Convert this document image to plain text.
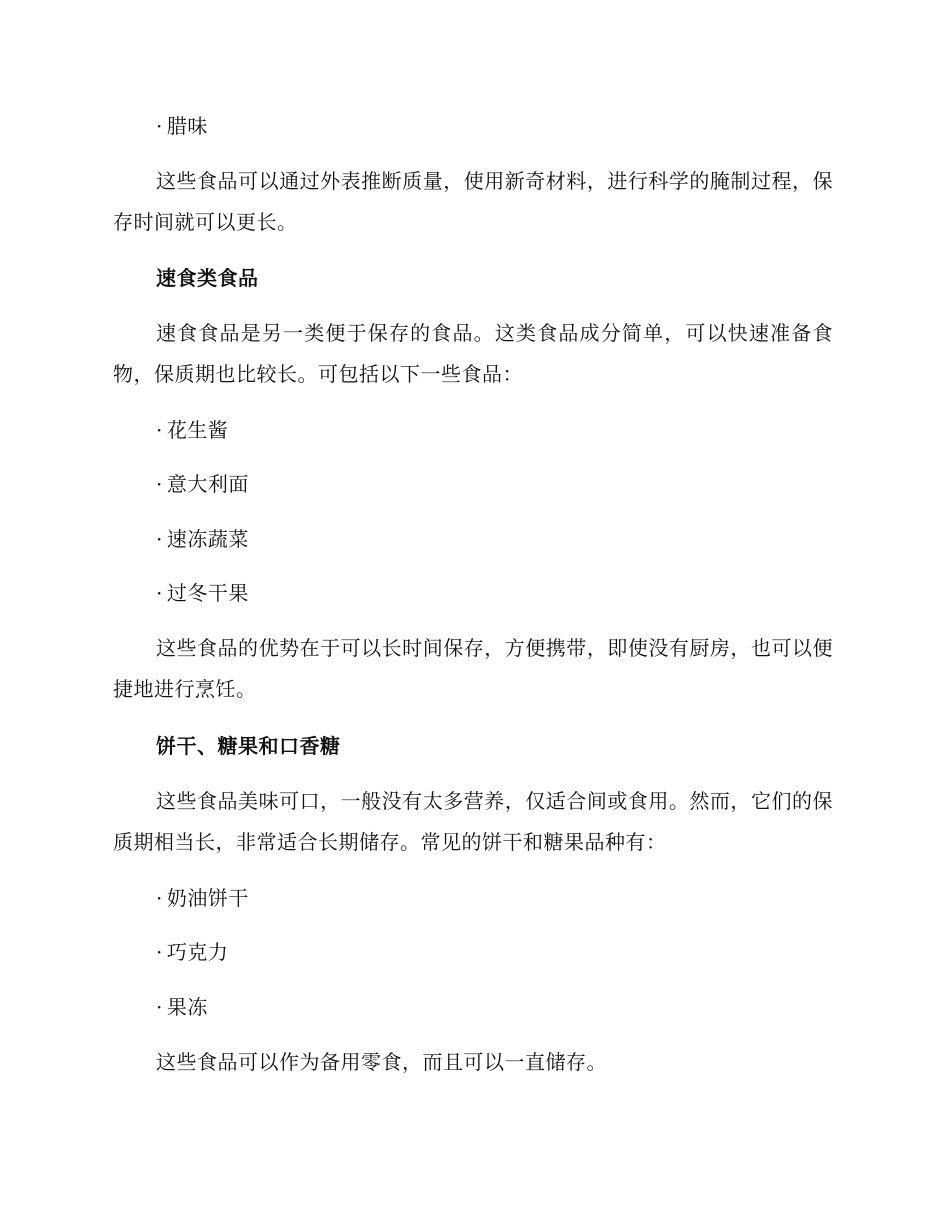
· 腊味
这些食品可以通过外表推断质量，使用新奇材料，进行科学的腌制过程，保存时间就可以更长。
速食类食品
速食食品是另一类便于保存的食品。这类食品成分简单，可以快速准备食物，保质期也比较长。可包括以下一些食品：
· 花生酱
· 意大利面
· 速冻蔬菜
· 过冬干果
这些食品的优势在于可以长时间保存，方便携带，即使没有厨房，也可以便捷地进行烹饪。
饼干、糖果和口香糖
这些食品美味可口，一般没有太多营养，仅适合间或食用。然而，它们的保质期相当长，非常适合长期储存。常见的饼干和糖果品种有：
· 奶油饼干
· 巧克力
· 果冻
这些食品可以作为备用零食，而且可以一直储存。
